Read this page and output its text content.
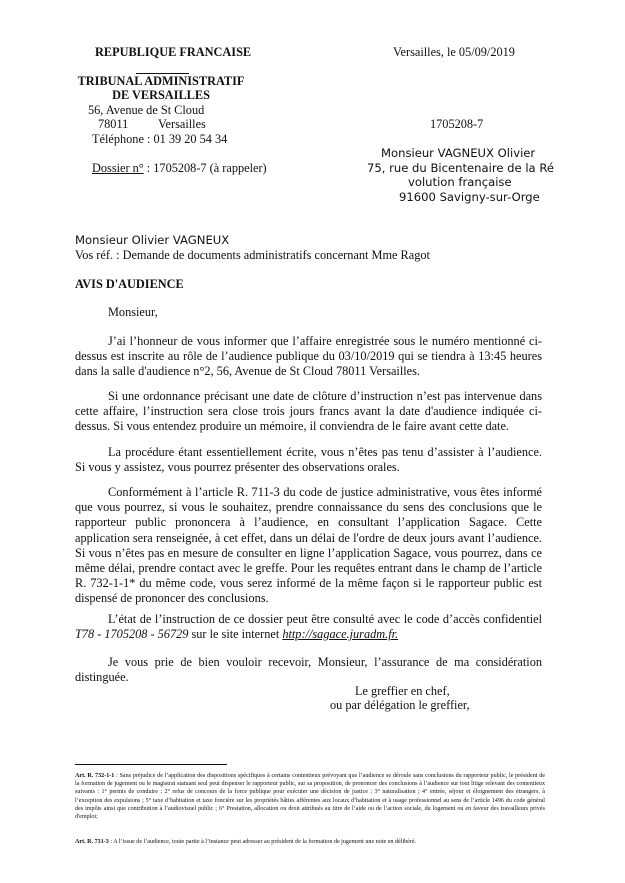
REPUBLIQUE FRANCAISE
TRIBUNAL ADMINISTRATIF
DE VERSAILLES
56, Avenue de St Cloud
78011 Versailles
Téléphone : 01 39 20 54 34
Dossier n° : 1705208-7 (à rappeler)
Versailles, le 05/09/2019
1705208-7
Monsieur VAGNEUX Olivier
75, rue du Bicentenaire de la Ré
volution française
91600 Savigny-sur-Orge
Monsieur Olivier VAGNEUX
Vos réf. : Demande de documents administratifs concernant Mme Ragot
AVIS D'AUDIENCE
Monsieur,

J’ai l’honneur de vous informer que l’affaire enregistrée sous le numéro mentionné ci-dessus est inscrite au rôle de l’audience publique du 03/10/2019 qui se tiendra à 13:45 heures dans la salle d'audience n°2, 56, Avenue de St Cloud 78011 Versailles.

Si une ordonnance précisant une date de clôture d’instruction n’est pas intervenue dans cette affaire, l’instruction sera close trois jours francs avant la date d'audience indiquée ci-dessus. Si vous entendez produire un mémoire, il conviendra de le faire avant cette date.

La procédure étant essentiellement écrite, vous n’êtes pas tenu d’assister à l’audience. Si vous y assistez, vous pourrez présenter des observations orales.

Conformément à l’article R. 711-3 du code de justice administrative, vous êtes informé que vous pourrez, si vous le souhaitez, prendre connaissance du sens des conclusions que le rapporteur public prononcera à l’audience, en consultant l’application Sagace. Cette application sera renseignée, à cet effet, dans un délai de l'ordre de deux jours avant l’audience. Si vous n’êtes pas en mesure de consulter en ligne l’application Sagace, vous pourrez, dans ce même délai, prendre contact avec le greffe. Pour les requêtes entrant dans le champ de l’article R. 732-1-1* du même code, vous serez informé de la même façon si le rapporteur public est dispensé de prononcer des conclusions.

L’état de l’instruction de ce dossier peut être consulté avec le code d’accès confidentiel T78 - 1705208 - 56729 sur le site internet http://sagace.juradm.fr.

Je vous prie de bien vouloir recevoir, Monsieur, l’assurance de ma considération distinguée.

Le greffier en chef,
ou par délégation le greffier,
Art. R. 732-1-1 : Sans préjudice de l’application des dispositions spécifiques à certains contentieux prévoyant que l’audience se déroule sans conclusions du rapporteur public, le président de la formation de jugement ou le magistrat statuant seul peut dispenser le rapporteur public, sur sa proposition, de prononcer des conclusions à l’audience sur tout litige relevant des contentieux suivants : 1° permis de conduire ; 2° refus de concours de la force publique pour exécuter une décision de justice ; 3° naturalisation ; 4° entrée, séjour et éloignement des étrangers, à l’exception des expulsions ; 5° taxe d’habitation et taxe foncière sur les propriétés bâties afférentes aux locaux d’habitation et à usage professionnel au sens de l’article 1496 du code général des impôts ainsi que contribution à l’audiovisuel public ; 6° Prestation, allocation ou droit attribués au titre de l’aide ou de l’action sociale, du logement ou en faveur des travailleurs privés d'emploi;
Art. R. 731-3 : A l’issue de l’audience, toute partie à l’instance peut adresser au président de la formation de jugement une note en délibéré.
